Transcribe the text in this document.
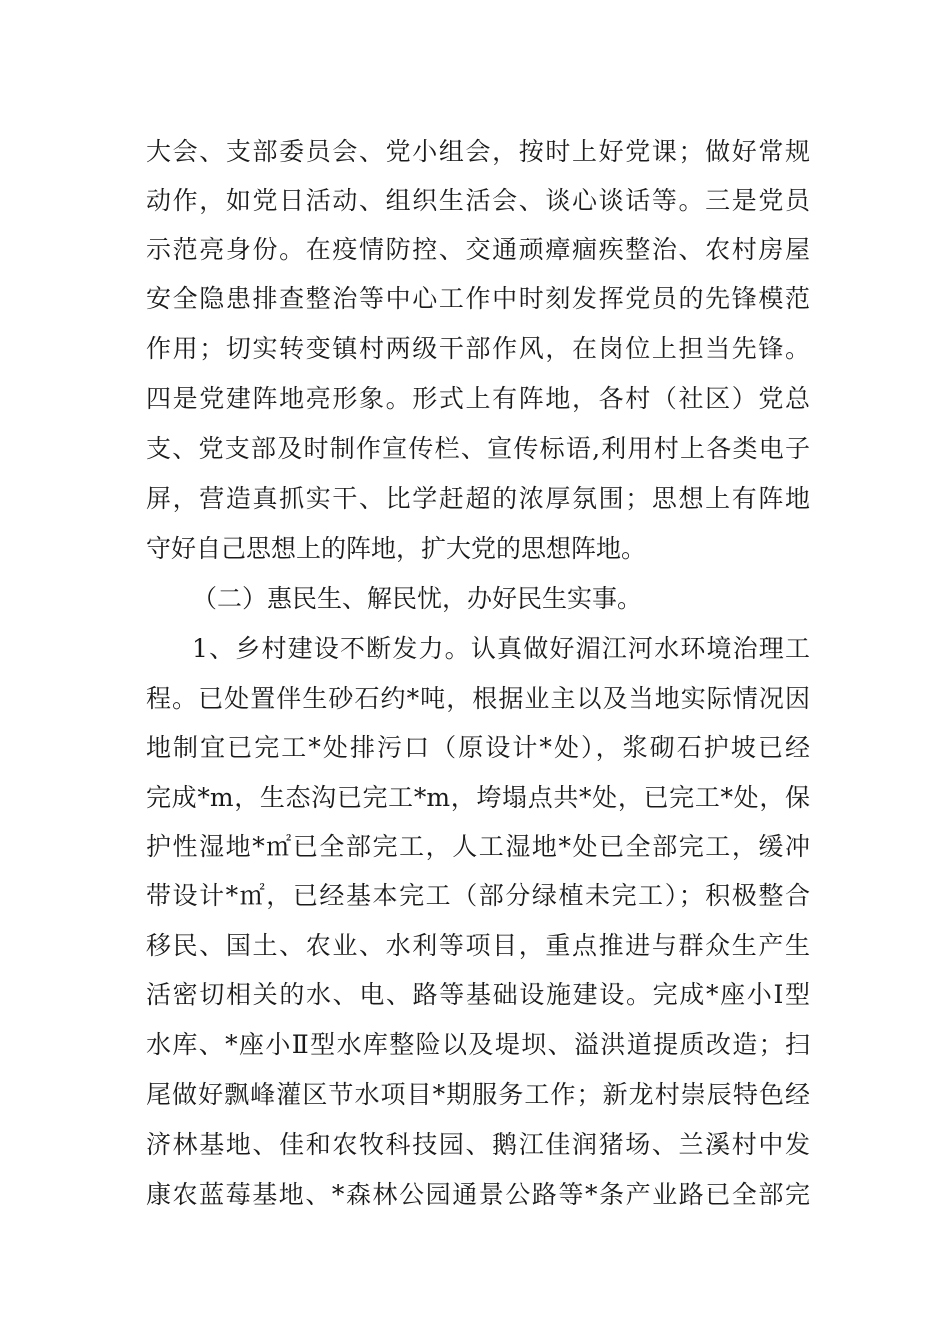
大会、支部委员会、党小组会，按时上好党课；做好常规
动作，如党日活动、组织生活会、谈心谈话等。三是党员
示范亮身份。在疫情防控、交通顽瘴痼疾整治、农村房屋
安全隐患排查整治等中心工作中时刻发挥党员的先锋模范
作用；切实转变镇村两级干部作风，在岗位上担当先锋。
四是党建阵地亮形象。形式上有阵地，各村（社区）党总
支、党支部及时制作宣传栏、宣传标语,利用村上各类电子
屏，营造真抓实干、比学赶超的浓厚氛围；思想上有阵地
守好自己思想上的阵地，扩大党的思想阵地。
（二）惠民生、解民忧，办好民生实事。
1、乡村建设不断发力。认真做好湄江河水环境治理工
程。已处置伴生砂石约*吨，根据业主以及当地实际情况因
地制宜已完工*处排污口（原设计*处），浆砌石护坡已经
完成*m，生态沟已完工*m，垮塌点共*处，已完工*处，保
护性湿地*㎡已全部完工，人工湿地*处已全部完工，缓冲
带设计*㎡，已经基本完工（部分绿植未完工）；积极整合
移民、国土、农业、水利等项目，重点推进与群众生产生
活密切相关的水、电、路等基础设施建设。完成*座小Ⅰ型
水库、*座小Ⅱ型水库整险以及堤坝、溢洪道提质改造；扫
尾做好飘峰灌区节水项目*期服务工作；新龙村崇辰特色经
济林基地、佳和农牧科技园、鹅江佳润猪场、兰溪村中发
康农蓝莓基地、*森林公园通景公路等*条产业路已全部完
